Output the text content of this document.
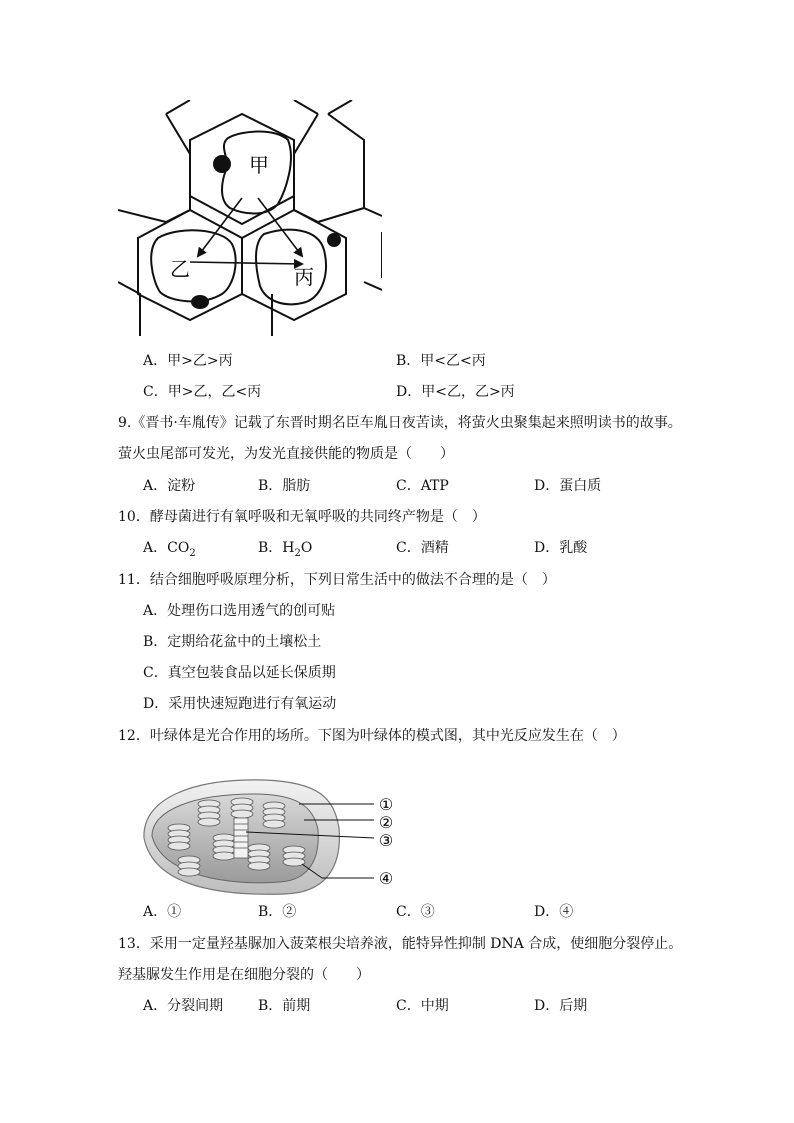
甲
乙	丙
A．甲>乙>丙	B．甲<乙<丙
C．甲>乙，乙<丙	D．甲<乙，乙>丙
9.《晋书·车胤传》记载了东晋时期名臣车胤日夜苦读，将萤火虫聚集起来照明读书的故事。
萤火虫尾部可发光，为发光直接供能的物质是（　　）
A．淀粉	B．脂肪	C．ATP	D．蛋白质
10．酵母菌进行有氧呼吸和无氧呼吸的共同终产物是（　）
A．$CO_2$	B．$H_2O$	C．酒精	D．乳酸
11．结合细胞呼吸原理分析，下列日常生活中的做法不合理的是（　）
A．处理伤口选用透气的创可贴
B．定期给花盆中的土壤松土
C．真空包装食品以延长保质期
D．采用快速短跑进行有氧运动
12．叶绿体是光合作用的场所。下图为叶绿体的模式图，其中光反应发生在（　）
①
②
③
④
A．①	B．②	C．③	D．④
13．采用一定量羟基脲加入菠菜根尖培养液，能特异性抑制 DNA 合成，使细胞分裂停止。
羟基脲发生作用是在细胞分裂的（　　）
A．分裂间期 B．前期	C．中期	D．后期
